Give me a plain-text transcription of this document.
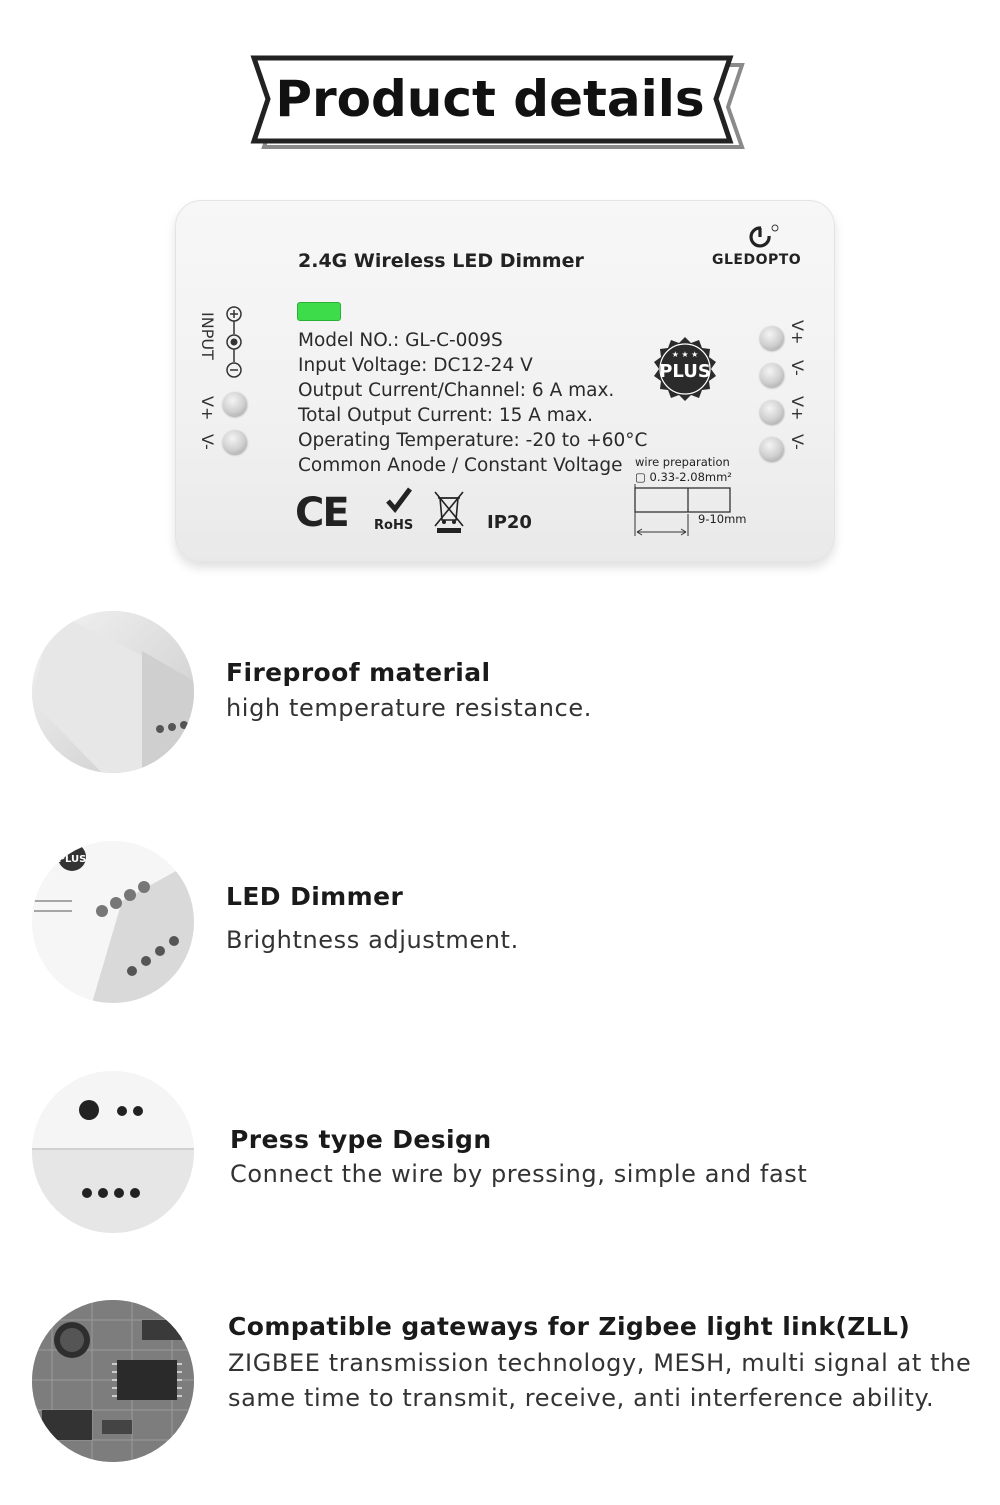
Product details
2.4G Wireless LED Dimmer	GLEDOPTO
Model NO.: GL-C-009S
Input Voltage: DC12-24 V
Output Current/Channel: 6 A max.
Total Output Current: 15 A max.
Operating Temperature: -20 to +60°C
Common Anode / Constant Voltage
PLUS
★ ★ ★
INPUT
V+
V-
V+
V-
V+
V-
CE RoHS	IP20
wire preparation
▢ 0.33-2.08mm²
9-10mm
Fireproof material
high temperature resistance.
PLUS
LED Dimmer
Brightness adjustment.
Press type Design
Connect the wire by pressing, simple and fast
Compatible gateways for Zigbee light link(ZLL)
ZIGBEE transmission technology, MESH, multi signal at the same time to transmit, receive, anti interference ability.
